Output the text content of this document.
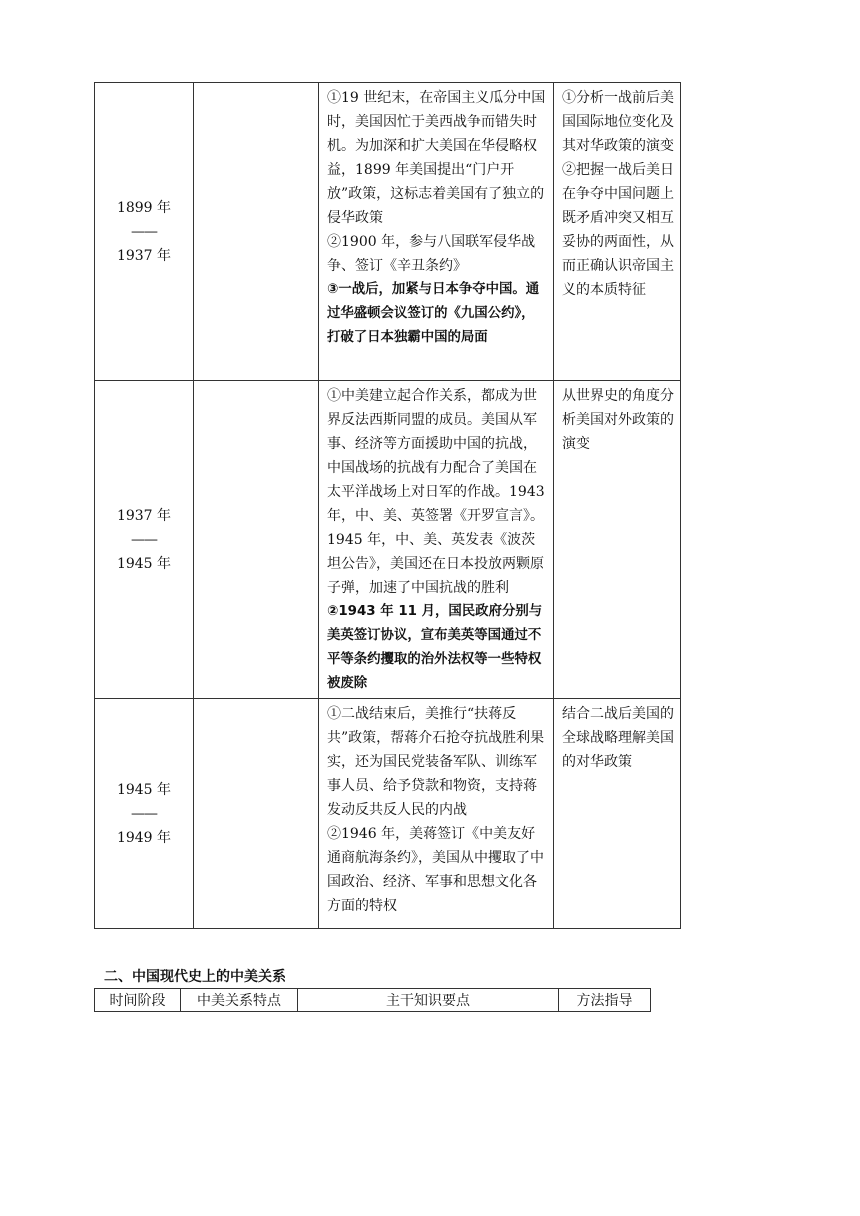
1899 年
——
1937 年		①19 世纪末，在帝国主义瓜分中国时，美国因忙于美西战争而错失时机。为加深和扩大美国在华侵略权益，1899 年美国提出“门户开放”政策，这标志着美国有了独立的侵华政策
②1900 年，参与八国联军侵华战争、签订《辛丑条约》
③一战后，加紧与日本争夺中国。通过华盛顿会议签订的《九国公约》，打破了日本独霸中国的局面	①分析一战前后美国国际地位变化及其对华政策的演变
②把握一战后美日在争夺中国问题上既矛盾冲突又相互妥协的两面性，从而正确认识帝国主义的本质特征

1937 年
——
1945 年		①中美建立起合作关系，都成为世界反法西斯同盟的成员。美国从军事、经济等方面援助中国的抗战，中国战场的抗战有力配合了美国在太平洋战场上对日军的作战。1943 年，中、美、英签署《开罗宣言》。1945 年，中、美、英发表《波茨坦公告》，美国还在日本投放两颗原子弹，加速了中国抗战的胜利
②1943 年 11 月，国民政府分别与美英签订协议，宣布美英等国通过不平等条约攫取的治外法权等一些特权被废除	从世界史的角度分析美国对外政策的演变

1945 年
——
1949 年		①二战结束后，美推行“扶蒋反共”政策，帮蒋介石抢夺抗战胜利果实，还为国民党装备军队、训练军事人员、给予贷款和物资，支持蒋发动反共反人民的内战
②1946 年，美蒋签订《中美友好通商航海条约》，美国从中攫取了中国政治、经济、军事和思想文化各方面的特权	结合二战后美国的全球战略理解美国的对华政策
二、中国现代史上的中美关系
时间阶段	中美关系特点	主干知识要点	方法指导
